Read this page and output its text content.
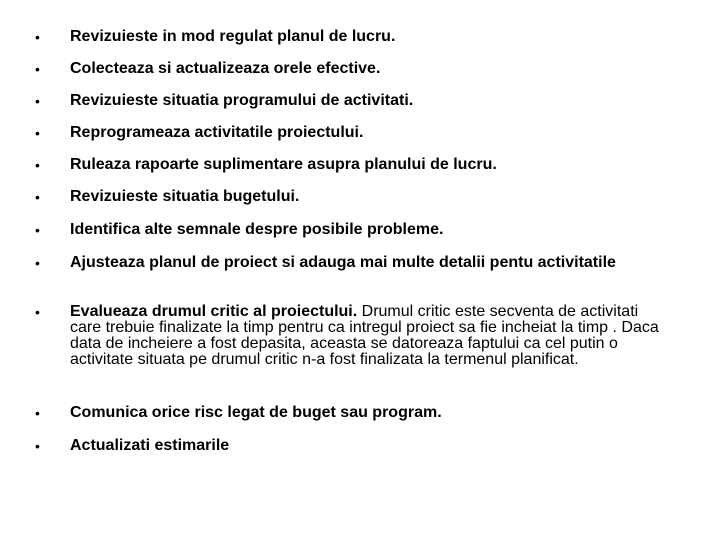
• Revizuieste in mod regulat planul de lucru.
• Colecteaza si actualizeaza orele efective.
• Revizuieste situatia programului de activitati.
• Reprogrameaza activitatile proiectului.
• Ruleaza rapoarte suplimentare asupra planului de lucru.
• Revizuieste situatia bugetului.
• Identifica alte semnale despre posibile probleme.
• Ajusteaza planul de proiect si adauga mai multe detalii pentu activitatile
• Evalueaza drumul critic al proiectului. Drumul critic este secventa de activitati care trebuie finalizate la timp pentru ca intregul proiect sa fie incheiat la timp . Daca data de incheiere a fost depasita, aceasta se datoreaza faptului ca cel putin o activitate situata pe drumul critic n-a fost finalizata la termenul planificat.
• Comunica orice risc legat de buget sau program.
• Actualizati estimarile
